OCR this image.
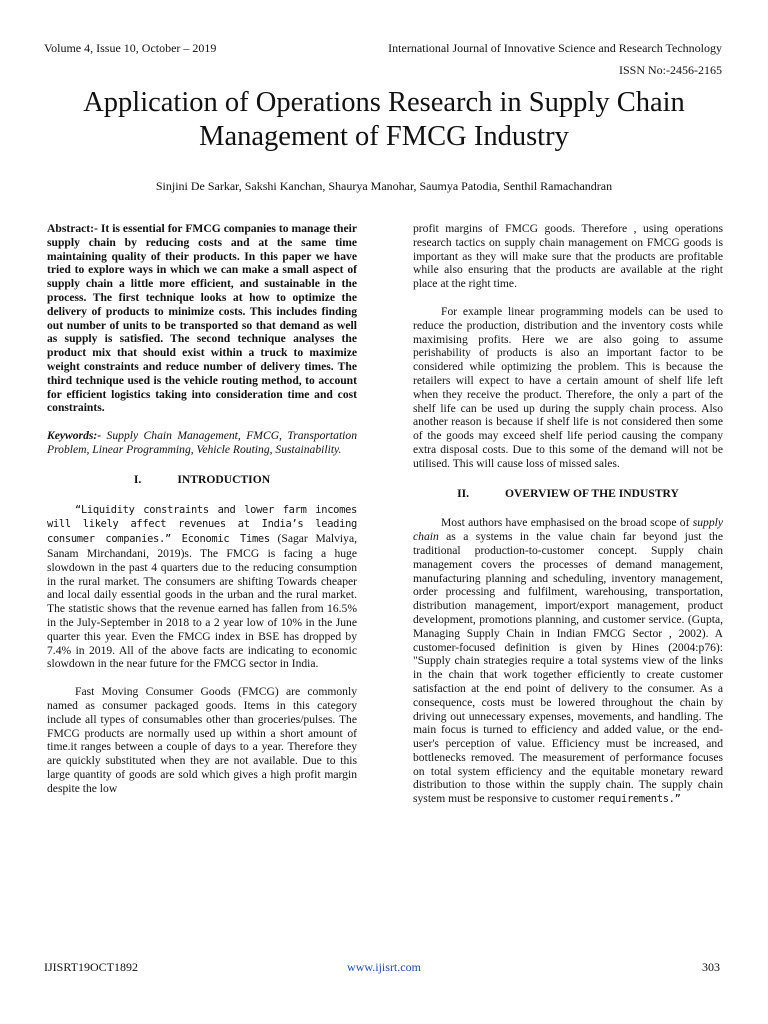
Volume 4, Issue 10, October – 2019	International Journal of Innovative Science and Research Technology
ISSN No:-2456-2165
Application of Operations Research in Supply Chain Management of FMCG Industry
Sinjini De Sarkar, Sakshi Kanchan, Shaurya Manohar, Saumya Patodia, Senthil Ramachandran

Abstract:- It is essential for FMCG companies to manage their supply chain by reducing costs and at the same time maintaining quality of their products. In this paper we have tried to explore ways in which we can make a small aspect of supply chain a little more efficient, and sustainable in the process. The first technique looks at how to optimize the delivery of products to minimize costs. This includes finding out number of units to be transported so that demand as well as supply is satisfied. The second technique analyses the product mix that should exist within a truck to maximize weight constraints and reduce number of delivery times. The third technique used is the vehicle routing method, to account for efficient logistics taking into consideration time and cost constraints.

Keywords:- Supply Chain Management, FMCG, Transportation Problem, Linear Programming, Vehicle Routing, Sustainability.

I.	INTRODUCTION

“Liquidity constraints and lower farm incomes will likely affect revenues at India’s leading consumer companies.” Economic Times (Sagar Malviya, Sanam Mirchandani, 2019)s. The FMCG is facing a huge slowdown in the past 4 quarters due to the reducing consumption in the rural market. The consumers are shifting Towards cheaper and local daily essential goods in the urban and the rural market. The statistic shows that the revenue earned has fallen from 16.5% in the July-September in 2018 to a 2 year low of 10% in the June quarter this year. Even the FMCG index in BSE has dropped by 7.4% in 2019. All of the above facts are indicating to economic slowdown in the near future for the FMCG sector in India.

Fast Moving Consumer Goods (FMCG) are commonly named as consumer packaged goods. Items in this category include all types of consumables other than groceries/pulses. The FMCG products are normally used up within a short amount of time.it ranges between a couple of days to a year. Therefore they are quickly substituted when they are not available. Due to this large quantity of goods are sold which gives a high profit margin despite the low

profit margins of FMCG goods. Therefore , using operations research tactics on supply chain management on FMCG goods is important as they will make sure that the products are profitable while also ensuring that the products are available at the right place at the right time.

For example linear programming models can be used to reduce the production, distribution and the inventory costs while maximising profits. Here we are also going to assume perishability of products is also an important factor to be considered while optimizing the problem. This is because the retailers will expect to have a certain amount of shelf life left when they receive the product. Therefore, the only a part of the shelf life can be used up during the supply chain process. Also another reason is because if shelf life is not considered then some of the goods may exceed shelf life period causing the company extra disposal costs. Due to this some of the demand will not be utilised. This will cause loss of missed sales.

II.	OVERVIEW OF THE INDUSTRY

Most authors have emphasised on the broad scope of supply chain as a systems in the value chain far beyond just the traditional production-to-customer concept. Supply chain management covers the processes of demand management, manufacturing planning and scheduling, inventory management, order processing and fulfilment, warehousing, transportation, distribution management, import/export management, product development, promotions planning, and customer service. (Gupta, Managing Supply Chain in Indian FMCG Sector , 2002). A customer-focused definition is given by Hines (2004:p76): "Supply chain strategies require a total systems view of the links in the chain that work together efficiently to create customer satisfaction at the end point of delivery to the consumer. As a consequence, costs must be lowered throughout the chain by driving out unnecessary expenses, movements, and handling. The main focus is turned to efficiency and added value, or the end-user's perception of value. Efficiency must be increased, and bottlenecks removed. The measurement of performance focuses on total system efficiency and the equitable monetary reward distribution to those within the supply chain. The supply chain system must be responsive to customer requirements.”

IJISRT19OCT1892	www.ijisrt.com	303
